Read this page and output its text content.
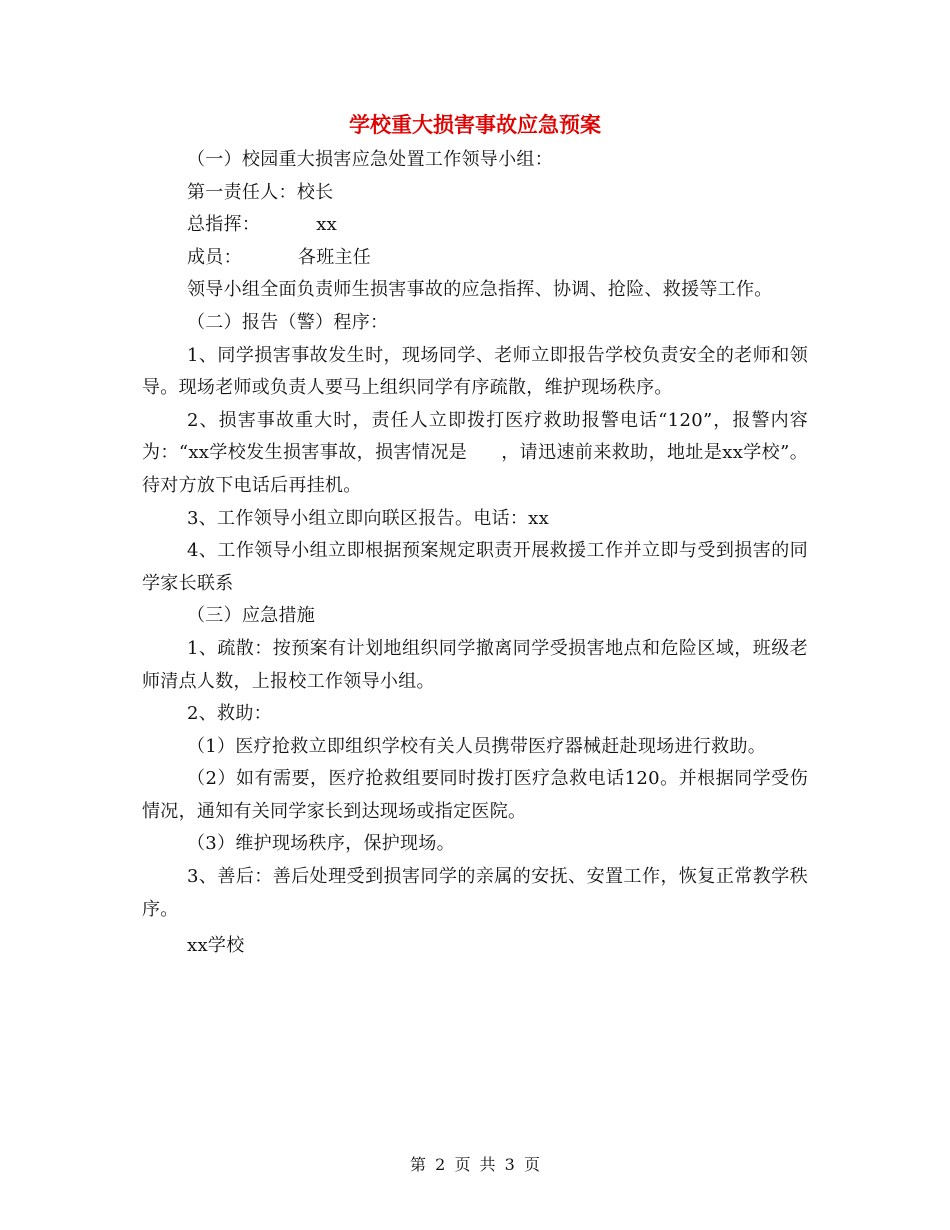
学校重大损害事故应急预案

（一）校园重大损害应急处置工作领导小组：

第一责任人：校长

总指挥：	xx

成员：	各班主任

领导小组全面负责师生损害事故的应急指挥、协调、抢险、救援等工作。

（二）报告（警）程序：

1、同学损害事故发生时，现场同学、老师立即报告学校负责安全的老师和领导。现场老师或负责人要马上组织同学有序疏散，维护现场秩序。

2、损害事故重大时，责任人立即拨打医疗救助报警电话“120”，报警内容为：“xx学校发生损害事故，损害情况是 ，请迅速前来救助，地址是xx学校”。待对方放下电话后再挂机。

3、工作领导小组立即向联区报告。电话：xx

4、工作领导小组立即根据预案规定职责开展救援工作并立即与受到损害的同学家长联系

（三）应急措施

1、疏散：按预案有计划地组织同学撤离同学受损害地点和危险区域，班级老师清点人数，上报校工作领导小组。

2、救助：

（1）医疗抢救立即组织学校有关人员携带医疗器械赶赴现场进行救助。

（2）如有需要，医疗抢救组要同时拨打医疗急救电话120。并根据同学受伤情况，通知有关同学家长到达现场或指定医院。

（3）维护现场秩序，保护现场。

3、善后：善后处理受到损害同学的亲属的安抚、安置工作，恢复正常教学秩序。

xx学校

第 2 页 共 3 页
